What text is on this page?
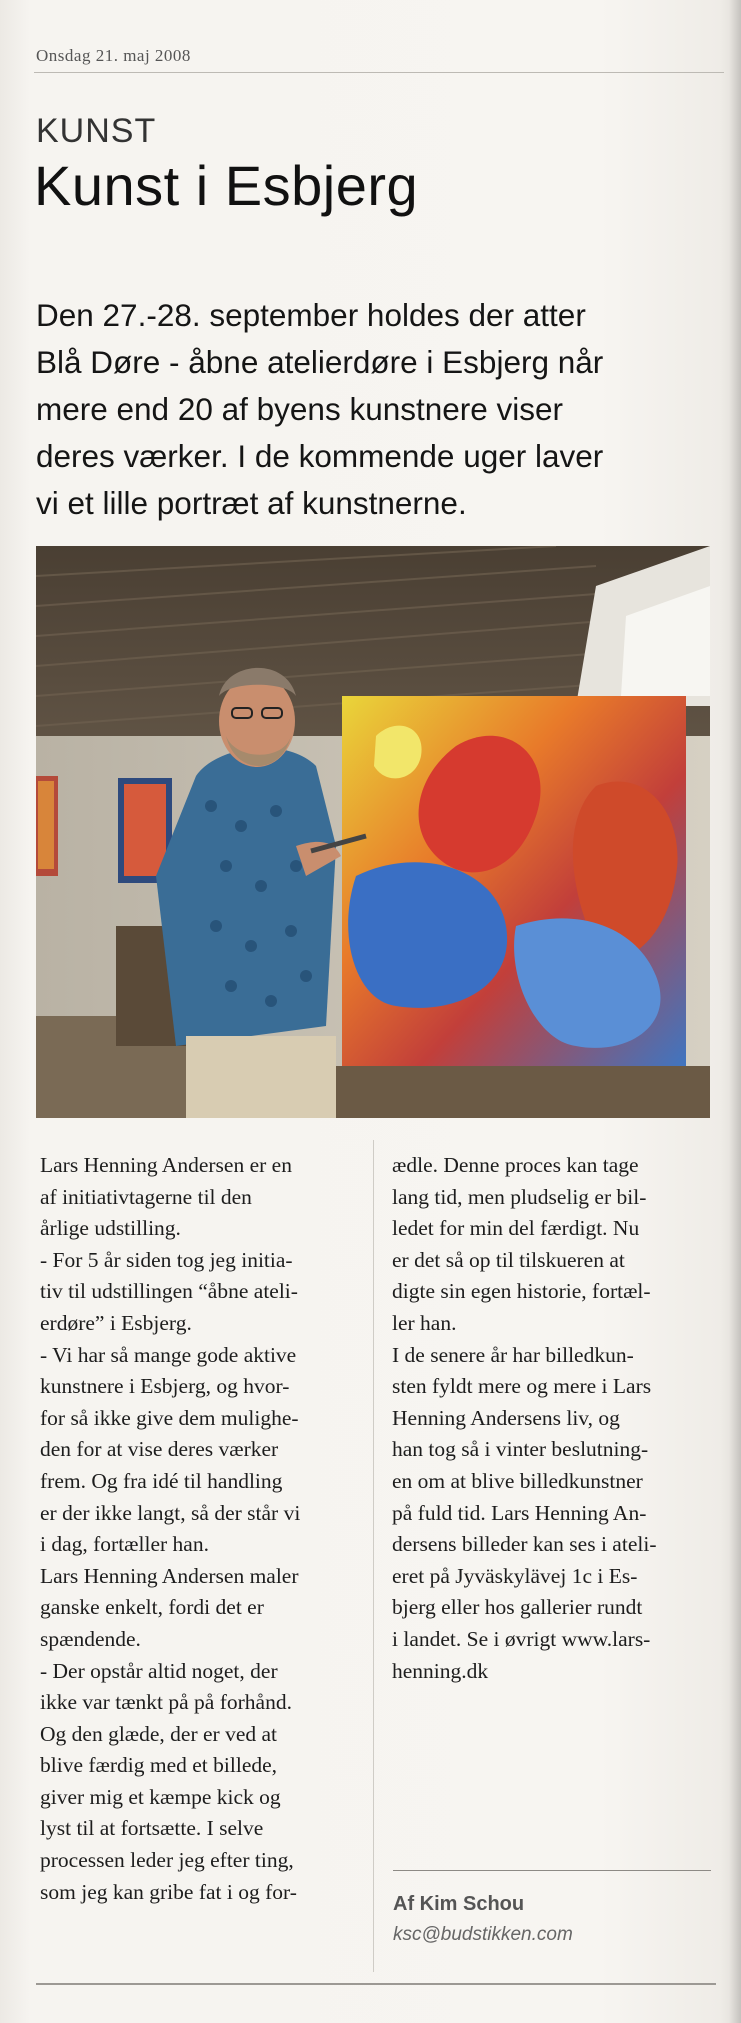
Onsdag 21. maj 2008
KUNST
Kunst i Esbjerg
Den 27.-28. september holdes der atter
Blå Døre - åbne atelierdøre i Esbjerg når
mere end 20 af byens kunstnere viser
deres værker. I de kommende uger laver
vi et lille portræt af kunstnerne.
Lars Henning Andersen er en
af initiativtagerne til den
årlige udstilling.
- For 5 år siden tog jeg initia-
tiv til udstillingen “åbne ateli-
erdøre” i Esbjerg.
- Vi har så mange gode aktive
kunstnere i Esbjerg, og hvor-
for så ikke give dem mulighe-
den for at vise deres værker
frem. Og fra idé til handling
er der ikke langt, så der står vi
i dag, fortæller han.
Lars Henning Andersen maler
ganske enkelt, fordi det er
spændende.
- Der opstår altid noget, der
ikke var tænkt på på forhånd.
Og den glæde, der er ved at
blive færdig med et billede,
giver mig et kæmpe kick og
lyst til at fortsætte. I selve
processen leder jeg efter ting,
som jeg kan gribe fat i og for-
ædle. Denne proces kan tage
lang tid, men pludselig er bil-
ledet for min del færdigt. Nu
er det så op til tilskueren at
digte sin egen historie, fortæl-
ler han.
I de senere år har billedkun-
sten fyldt mere og mere i Lars
Henning Andersens liv, og
han tog så i vinter beslutning-
en om at blive billedkunstner
på fuld tid. Lars Henning An-
dersens billeder kan ses i ateli-
eret på Jyväskylävej 1c i Es-
bjerg eller hos gallerier rundt
i landet. Se i øvrigt www.lars-
henning.dk
Af Kim Schou
ksc@budstikken.com
